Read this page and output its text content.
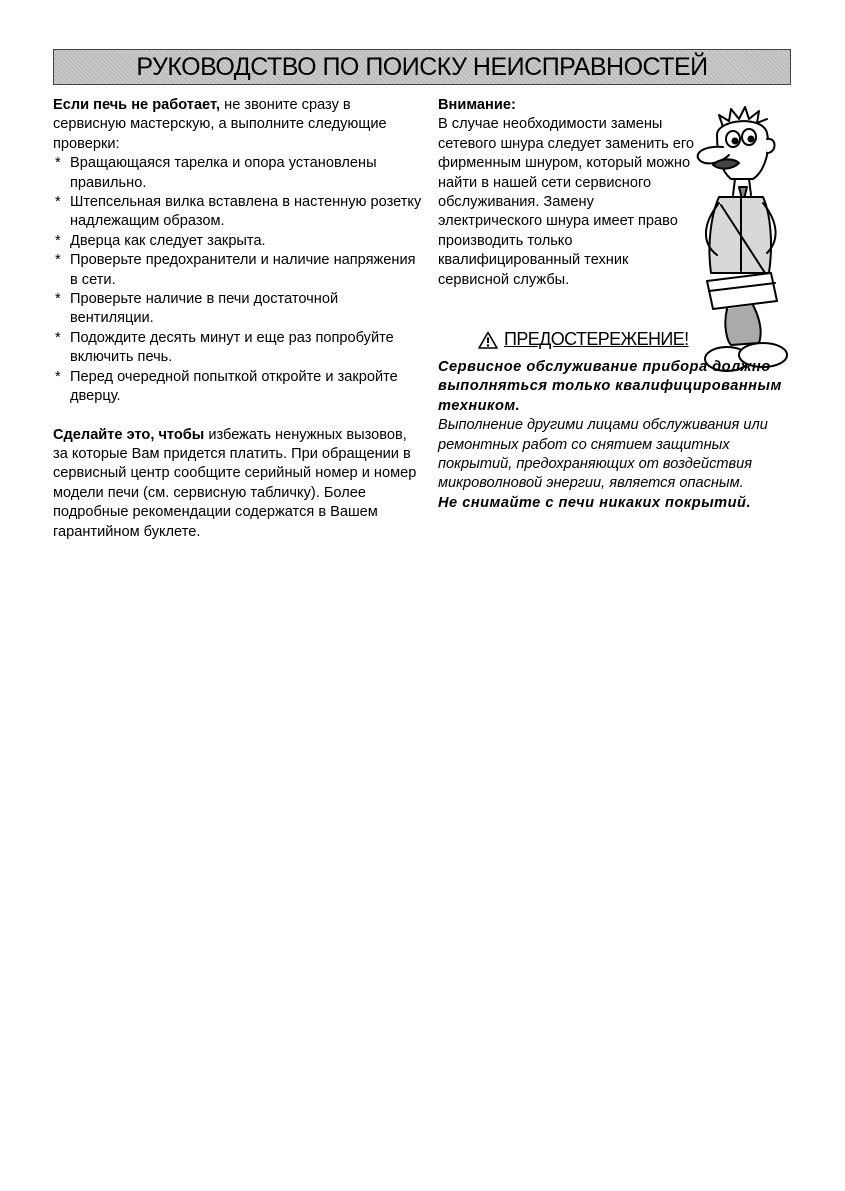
РУКОВОДСТВО ПО ПОИСКУ НЕИСПРАВНОСТЕЙ

Если печь не работает, не звоните сразу в сервисную мастерскую, а выполните следующие проверки:

* Вращающаяся тарелка и опора установлены правильно.
* Штепсельная вилка вставлена в настенную розетку надлежащим образом.
* Дверца как следует закрыта.
* Проверьте предохранители и наличие напряжения в сети.
* Проверьте наличие в печи достаточной вентиляции.
* Подождите десять минут и еще раз попробуйте включить печь.
* Перед очередной попыткой откройте и закройте дверцу.

Сделайте это, чтобы избежать ненужных вызовов, за которые Вам придется платить. При обращении в сервисный центр сообщите серийный номер и номер модели печи (см. сервисную табличку). Более подробные рекомендации содержатся в Вашем гарантийном буклете.

Внимание:

В случае необходимости замены сетевого шнура следует заменить его фирменным шнуром, который можно найти в нашей сети сервисного обслуживания. Замену электрического шнура имеет право производить только квалифицированный техник сервисной службы.

ПРЕДОСТЕРЕЖЕНИЕ!

Сервисное обслуживание прибора должно выполняться только квалифицированным техником.

Выполнение другими лицами обслуживания или ремонтных работ со снятием защитных покрытий, предохраняющих от воздействия микроволновой энергии, является опасным.

Не снимайте с печи никаких покрытий.
